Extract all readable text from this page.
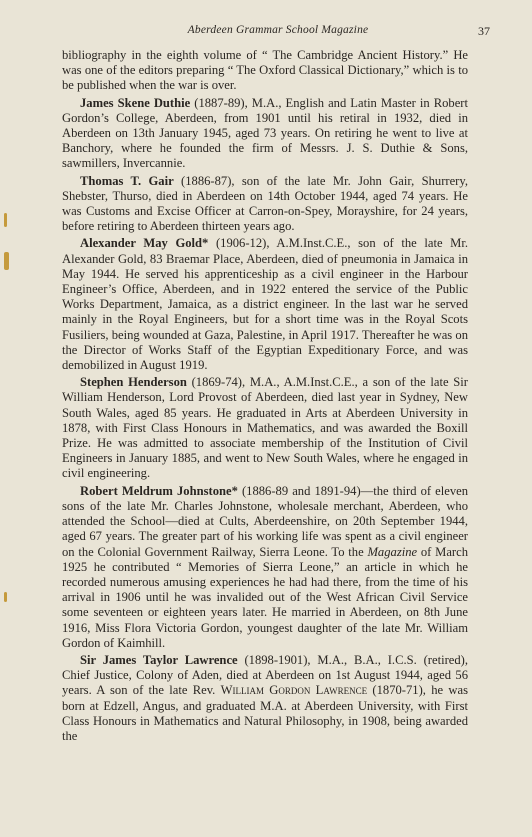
Aberdeen Grammar School Magazine	37

bibliography in the eighth volume of “ The Cambridge Ancient History.” He was one of the editors preparing “ The Oxford Classical Dictionary,” which is to be published when the war is over.

James Skene Duthie (1887-89), M.A., English and Latin Master in Robert Gordon’s College, Aberdeen, from 1901 until his retiral in 1932, died in Aberdeen on 13th January 1945, aged 73 years. On retiring he went to live at Banchory, where he founded the firm of Messrs. J. S. Duthie & Sons, sawmillers, Invercannie.

Thomas T. Gair (1886-87), son of the late Mr. John Gair, Shurrery, Shebster, Thurso, died in Aberdeen on 14th October 1944, aged 74 years. He was Customs and Excise Officer at Carron-on-Spey, Morayshire, for 24 years, before retiring to Aberdeen thirteen years ago.

Alexander May Gold* (1906-12), A.M.Inst.C.E., son of the late Mr. Alexander Gold, 83 Braemar Place, Aberdeen, died of pneumonia in Jamaica in May 1944. He served his apprenticeship as a civil engineer in the Harbour Engineer’s Office, Aberdeen, and in 1922 entered the service of the Public Works Department, Jamaica, as a district engineer. In the last war he served mainly in the Royal Engineers, but for a short time was in the Royal Scots Fusiliers, being wounded at Gaza, Palestine, in April 1917. Thereafter he was on the Director of Works Staff of the Egyptian Expeditionary Force, and was demobilized in August 1919.

Stephen Henderson (1869-74), M.A., A.M.Inst.C.E., a son of the late Sir William Henderson, Lord Provost of Aberdeen, died last year in Sydney, New South Wales, aged 85 years. He graduated in Arts at Aberdeen University in 1878, with First Class Honours in Mathematics, and was awarded the Boxill Prize. He was admitted to associate membership of the Institution of Civil Engineers in January 1885, and went to New South Wales, where he engaged in civil engineering.

Robert Meldrum Johnstone* (1886-89 and 1891-94)—the third of eleven sons of the late Mr. Charles Johnstone, wholesale merchant, Aberdeen, who attended the School—died at Cults, Aberdeenshire, on 20th September 1944, aged 67 years. The greater part of his working life was spent as a civil engineer on the Colonial Government Railway, Sierra Leone. To the Magazine of March 1925 he contributed “ Memories of Sierra Leone,” an article in which he recorded numerous amusing experiences he had had there, from the time of his arrival in 1906 until he was invalided out of the West African Civil Service some seventeen or eighteen years later. He married in Aberdeen, on 8th June 1916, Miss Flora Victoria Gordon, youngest daughter of the late Mr. William Gordon of Kaimhill.

Sir James Taylor Lawrence (1898-1901), M.A., B.A., I.C.S. (retired), Chief Justice, Colony of Aden, died at Aberdeen on 1st August 1944, aged 56 years. A son of the late Rev. William Gordon Lawrence (1870-71), he was born at Edzell, Angus, and graduated M.A. at Aberdeen University, with First Class Honours in Mathematics and Natural Philosophy, in 1908, being awarded the
